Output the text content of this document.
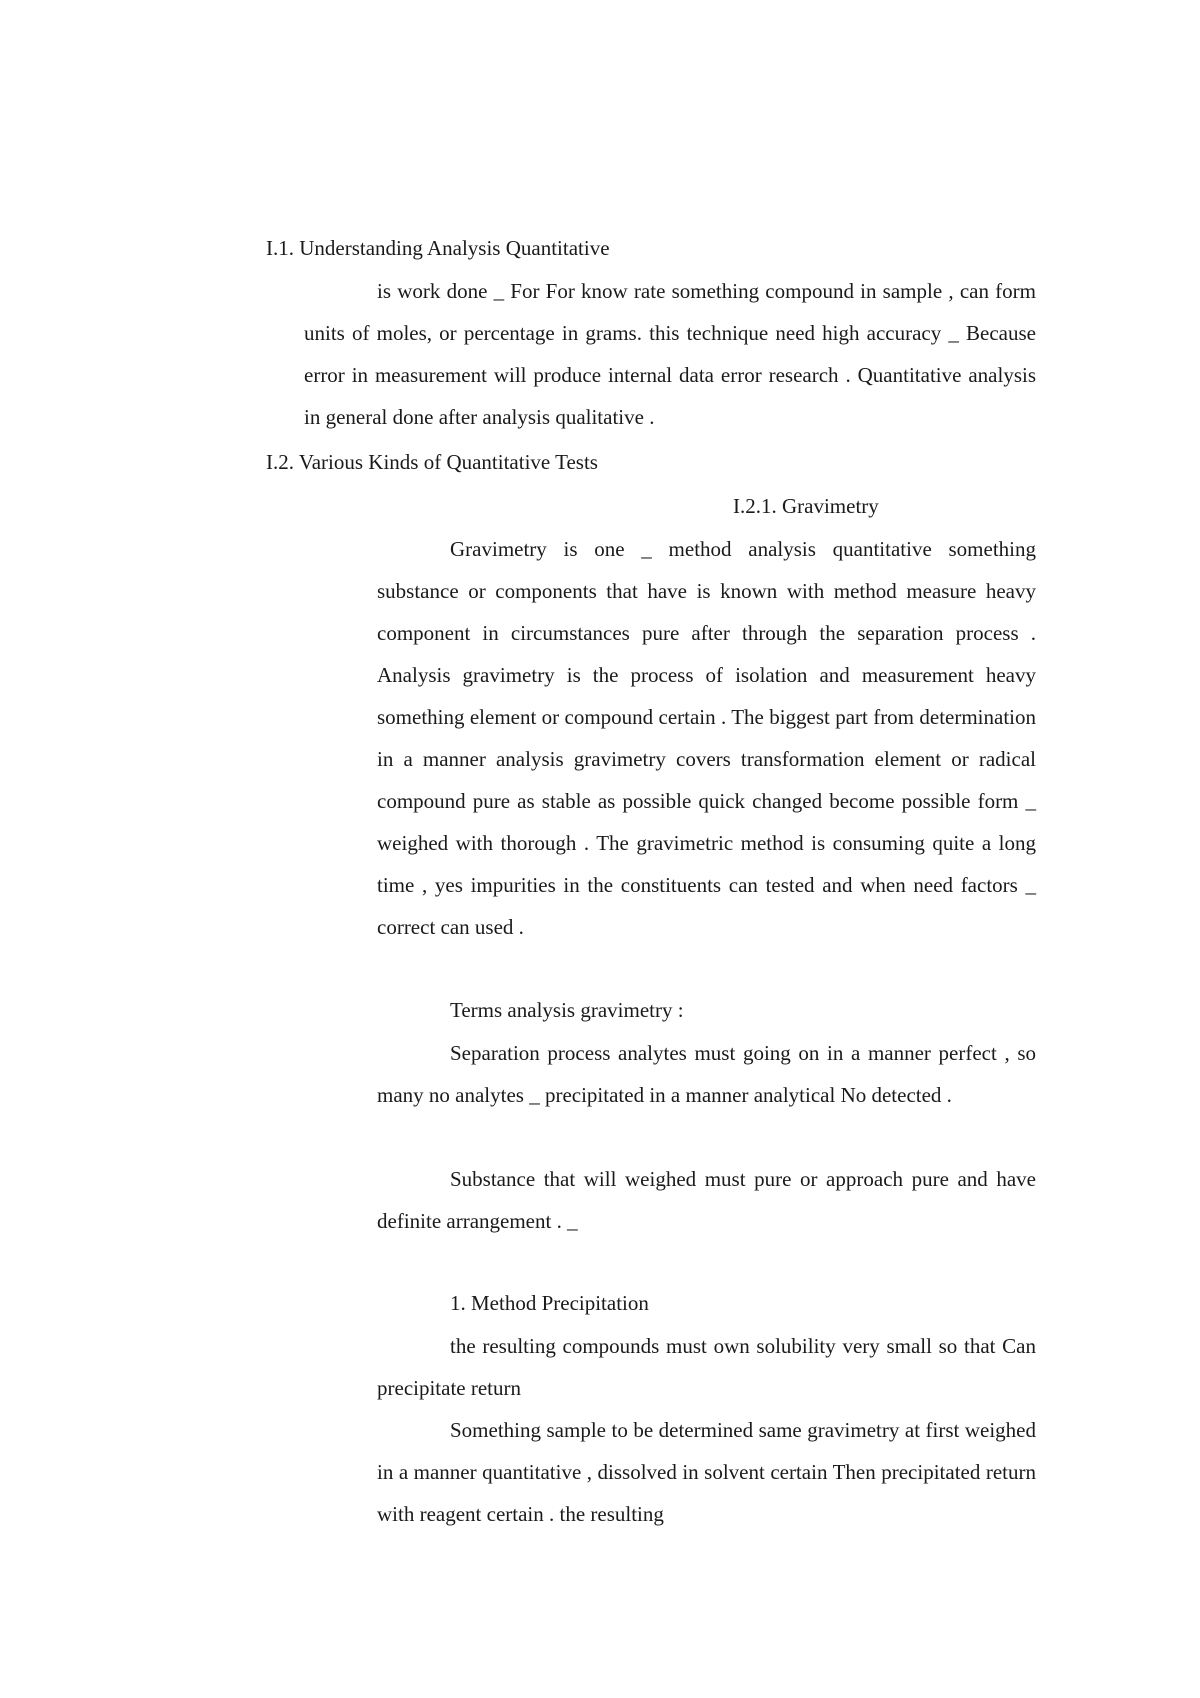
I.1. Understanding Analysis Quantitative
is work done _ For For know rate something compound in sample , can form units of moles, or percentage in grams. this technique need high accuracy _ Because error in measurement will produce internal data error research . Quantitative analysis in general done after analysis qualitative .
I.2. Various Kinds of Quantitative Tests
I.2.1. Gravimetry
Gravimetry is one _ method analysis quantitative something substance or components that have is known with method measure heavy component in circumstances pure after through the separation process . Analysis gravimetry is the process of isolation and measurement heavy something element or compound certain . The biggest part from determination in a manner analysis gravimetry covers transformation element or radical compound pure as stable as possible quick changed become possible form _ weighed with thorough . The gravimetric method is consuming quite a long time , yes impurities in the constituents can tested and when need factors _ correct can used .
Terms analysis gravimetry :
Separation process analytes must going on in a manner perfect , so many no analytes _ precipitated in a manner analytical No detected .
Substance that will weighed must pure or approach pure and have definite arrangement . _
1. Method Precipitation
the resulting compounds must own solubility very small so that Can precipitate return
Something sample to be determined same gravimetry at first weighed in a manner quantitative , dissolved in solvent certain Then precipitated return with reagent certain . the resulting
